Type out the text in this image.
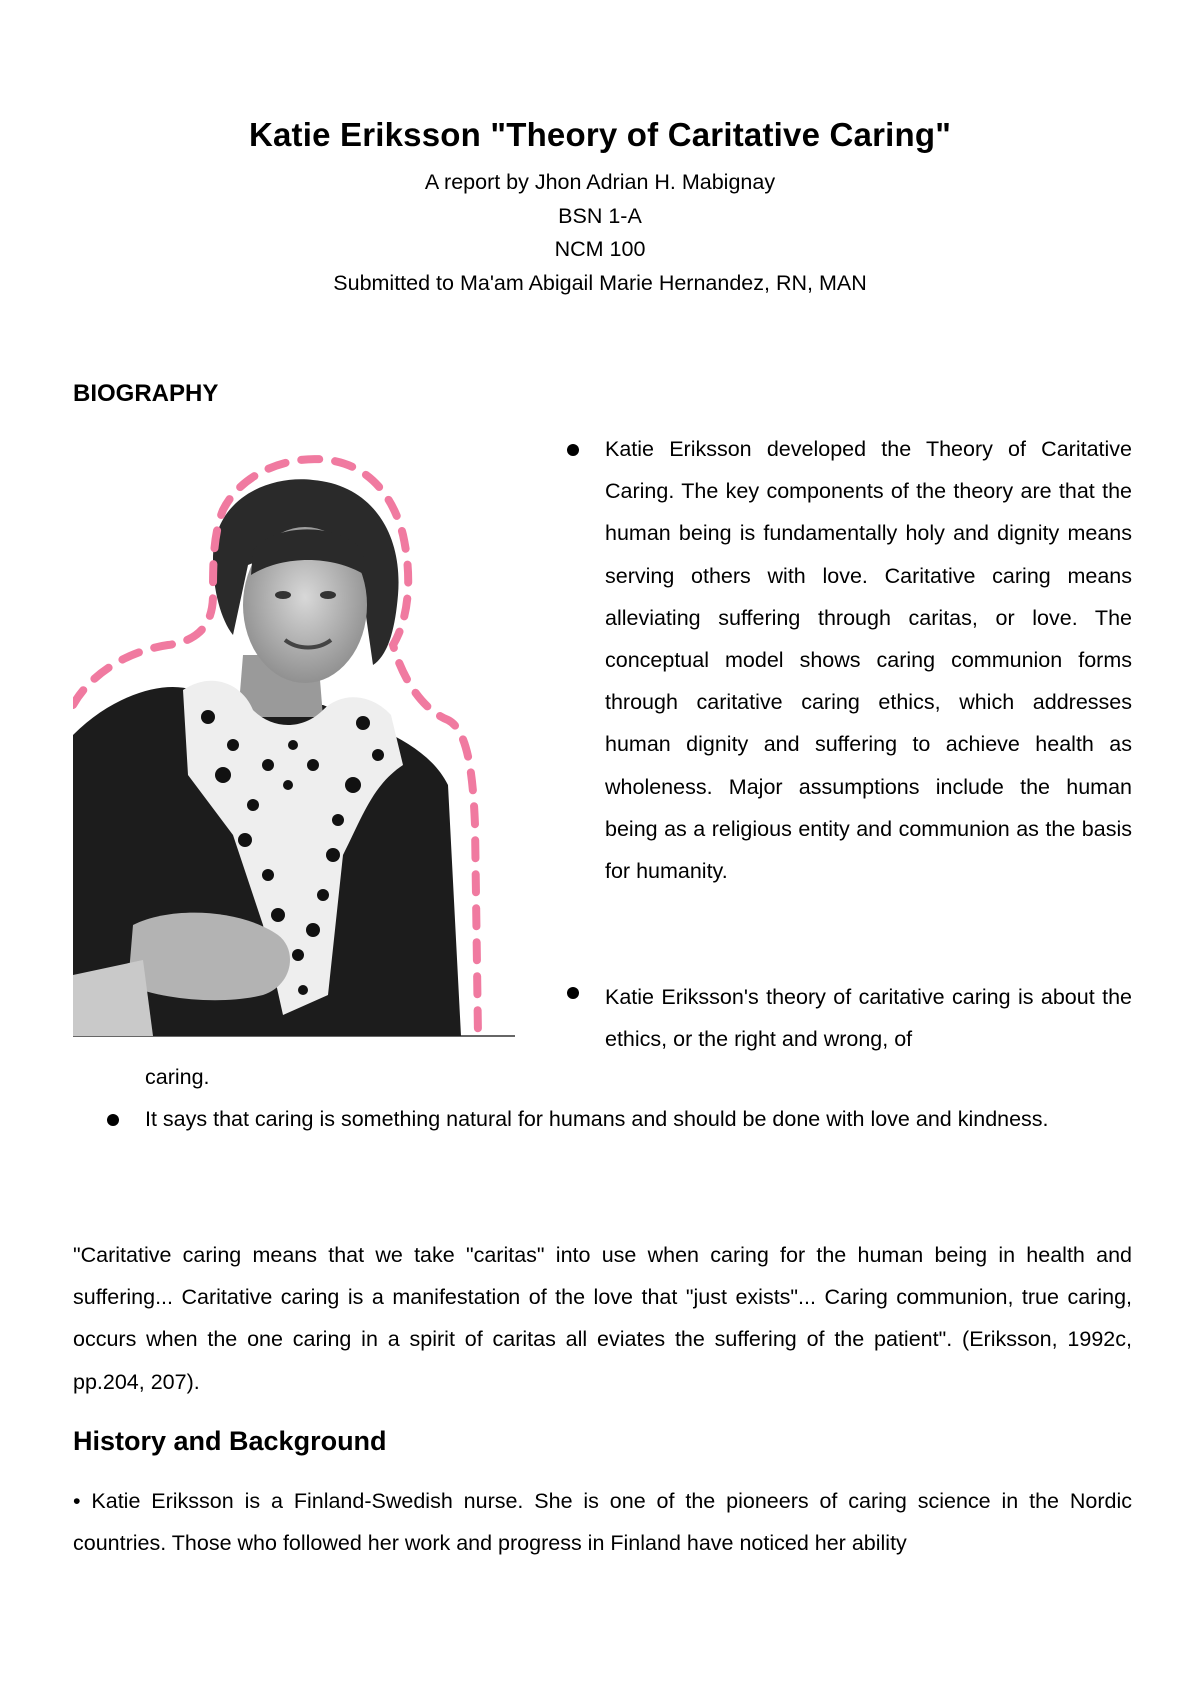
Katie Eriksson "Theory of Caritative Caring"
A report by Jhon Adrian H. Mabignay
BSN 1-A
NCM 100
Submitted to Ma'am Abigail Marie Hernandez, RN, MAN
BIOGRAPHY

Katie Eriksson developed the Theory of Caritative Caring. The key components of the theory are that the human being is fundamentally holy and dignity means serving others with love. Caritative caring means alleviating suffering through caritas, or love. The conceptual model shows caring communion forms through caritative caring ethics, which addresses human dignity and suffering to achieve health as wholeness. Major assumptions include the human being as a religious entity and communion as the basis for humanity.

Katie Eriksson's theory of caritative caring is about the ethics, or the right and wrong, of

caring.

It says that caring is something natural for humans and should be done with love and kindness.

"Caritative caring means that we take "caritas" into use when caring for the human being in health and suffering... Caritative caring is a manifestation of the love that "just exists"... Caring communion, true caring, occurs when the one caring in a spirit of caritas all eviates the suffering of the patient". (Eriksson, 1992c, pp.204, 207).

History and Background

• Katie Eriksson is a Finland-Swedish nurse. She is one of the pioneers of caring science in the Nordic countries. Those who followed her work and progress in Finland have noticed her ability
